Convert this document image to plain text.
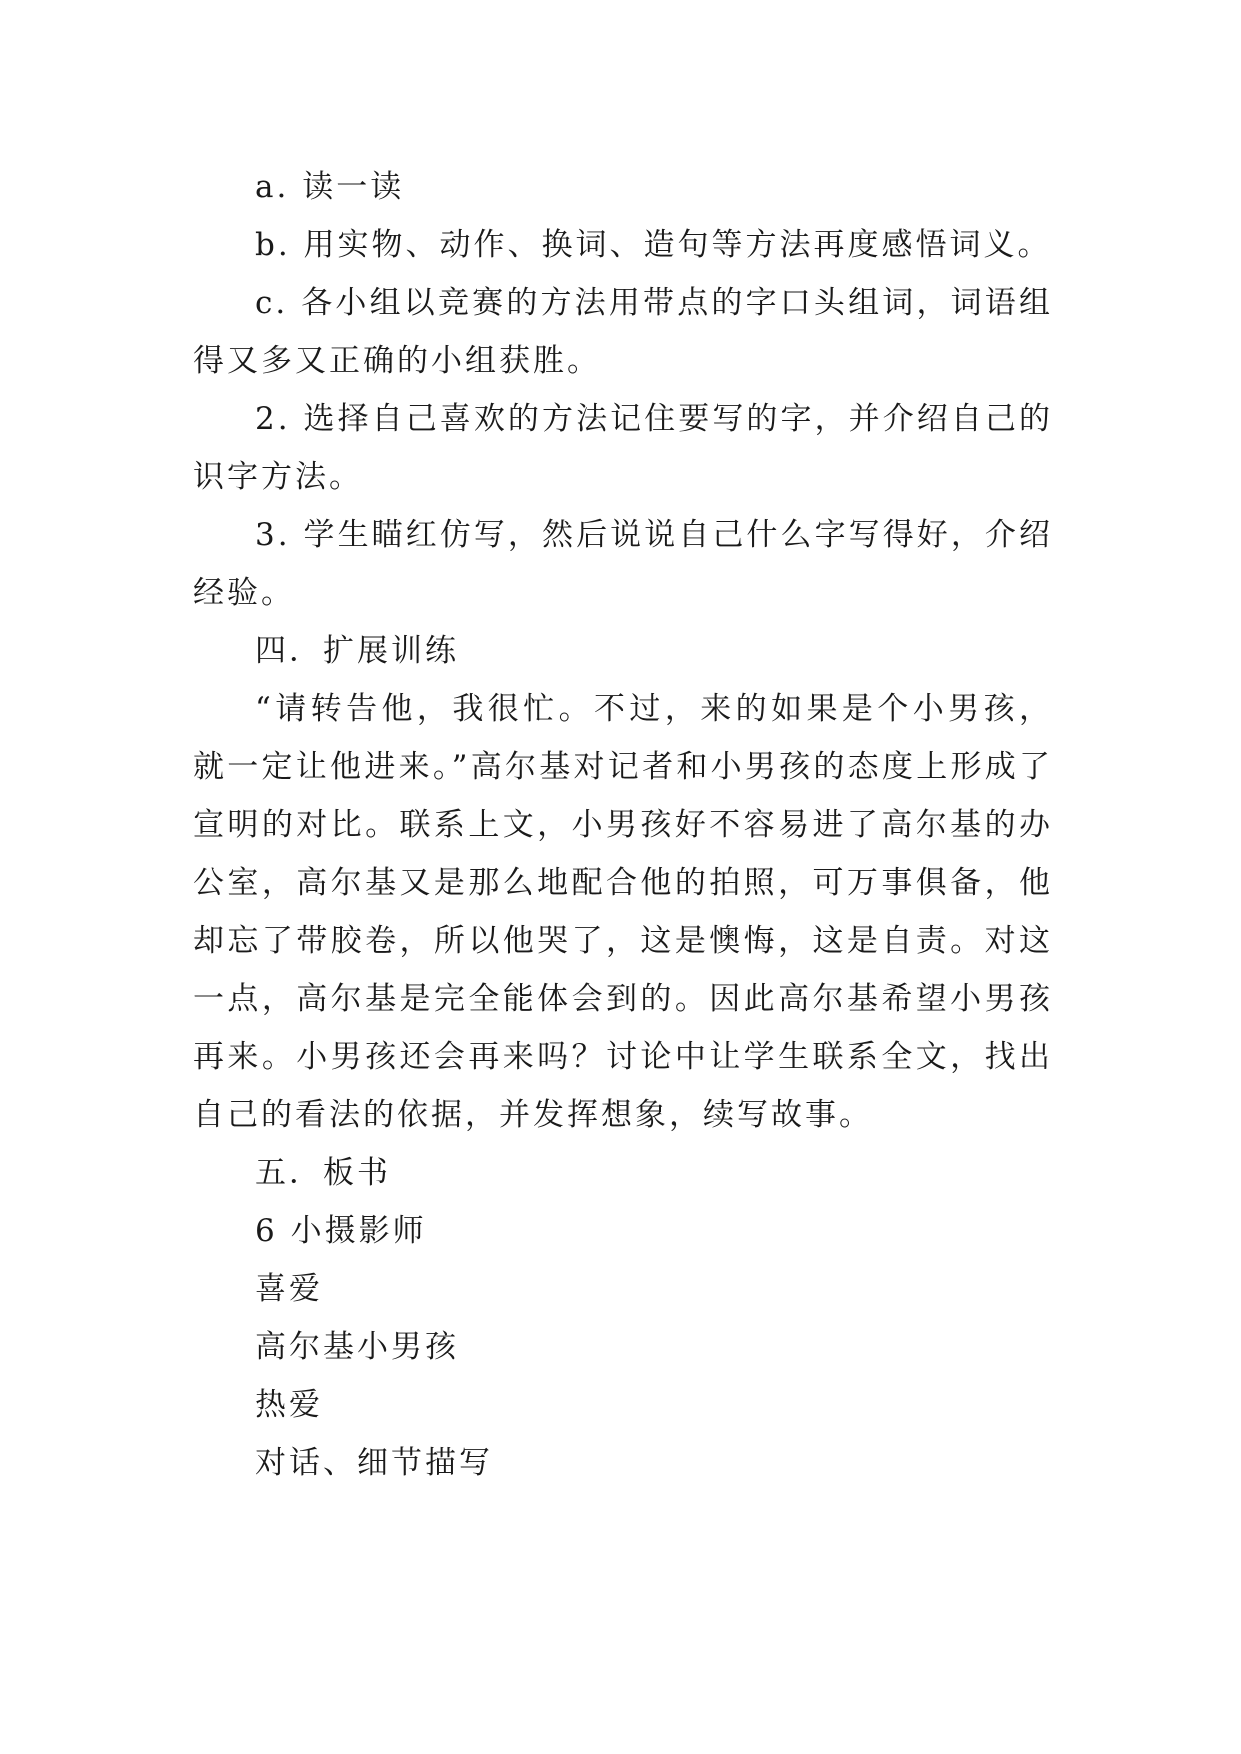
a. 读一读

b. 用实物、动作、换词、造句等方法再度感悟词义。

c. 各小组以竞赛的方法用带点的字口头组词，词语组得又多又正确的小组获胜。

2. 选择自己喜欢的方法记住要写的字，并介绍自己的识字方法。

3. 学生瞄红仿写，然后说说自己什么字写得好，介绍经验。

四．扩展训练

“请转告他，我很忙。不过，来的如果是个小男孩，就一定让他进来。”高尔基对记者和小男孩的态度上形成了宣明的对比。联系上文，小男孩好不容易进了高尔基的办公室，高尔基又是那么地配合他的拍照，可万事俱备，他却忘了带胶卷，所以他哭了，这是懊悔，这是自责。对这一点，高尔基是完全能体会到的。因此高尔基希望小男孩再来。小男孩还会再来吗？讨论中让学生联系全文，找出自己的看法的依据，并发挥想象，续写故事。

五．板书

6 小摄影师

喜爱

高尔基小男孩

热爱

对话、细节描写
